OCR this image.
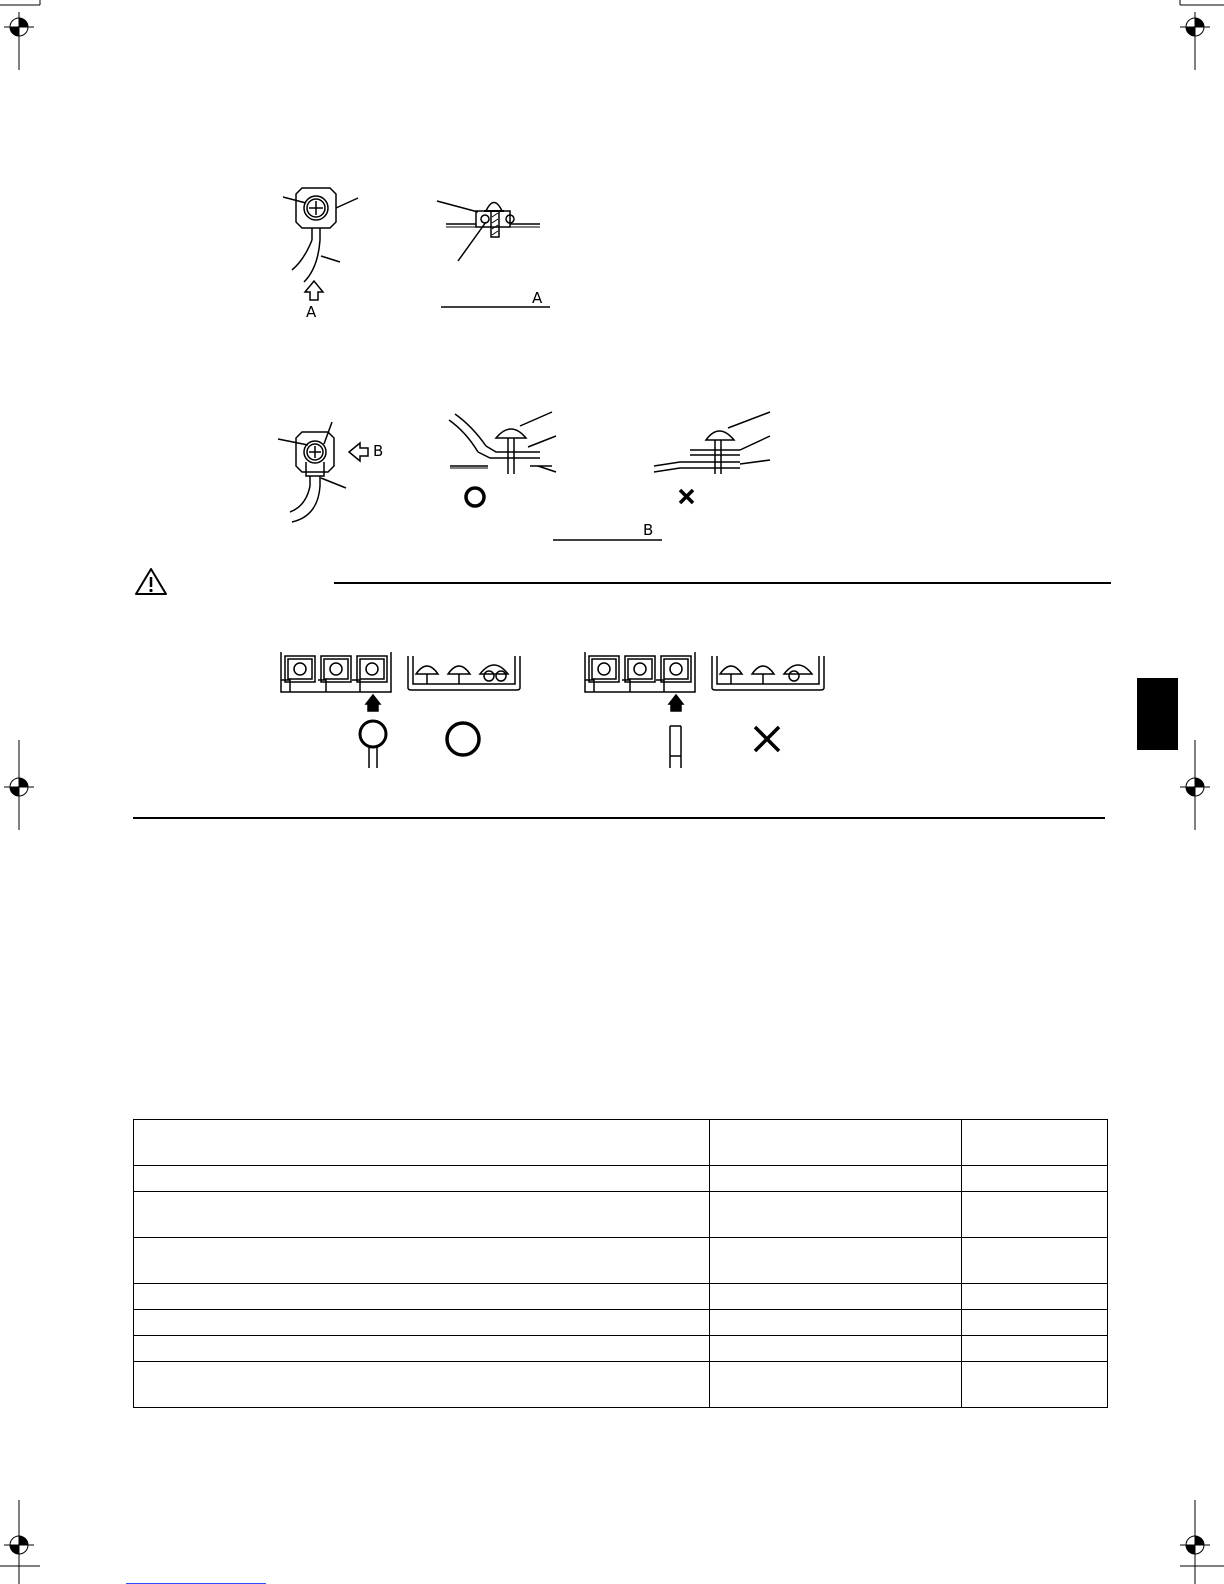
A
A
B
B
